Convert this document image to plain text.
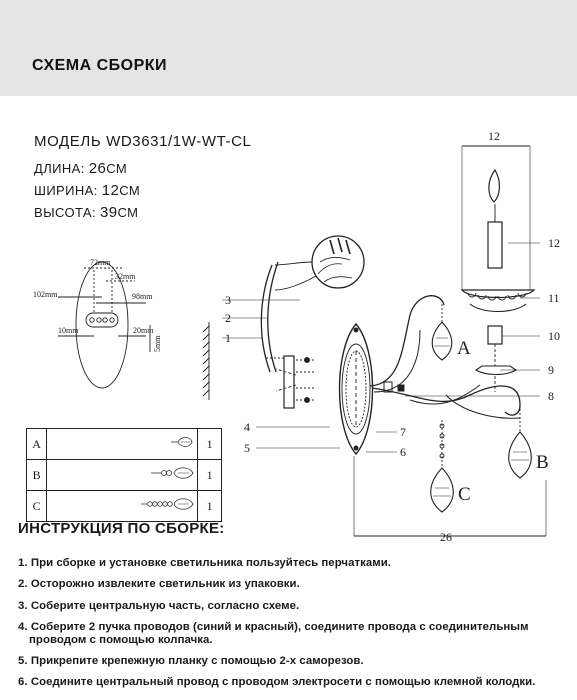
СХЕМА СБОРКИ
МОДЕЛЬ WD3631/1W-WT-CL
ДЛИНА: 26СМ
ШИРИНА: 12СМ
ВЫСОТА: 39СМ
72mm
32mm
102mm	98mm
10mm	20mm
5mm
3
2
1
4
5
7
6
8
9
10
11
12
12
26
A
B
C
A		1
B		1
C		1
ИНСТРУКЦИЯ ПО СБОРКЕ:
1. При сборке и установке светильника пользуйтесь перчатками.
2. Осторожно извлеките светильник из упаковки.
3. Соберите центральную часть, согласно схеме.
4. Соберите 2 пучка проводов (синий и красный), соедините провода с соединительным
проводом с помощью колпачка.
5. Прикрепите крепежную планку с помощью 2-х саморезов.
6. Соедините центральный провод с проводом электросети с помощью клемной колодки.
